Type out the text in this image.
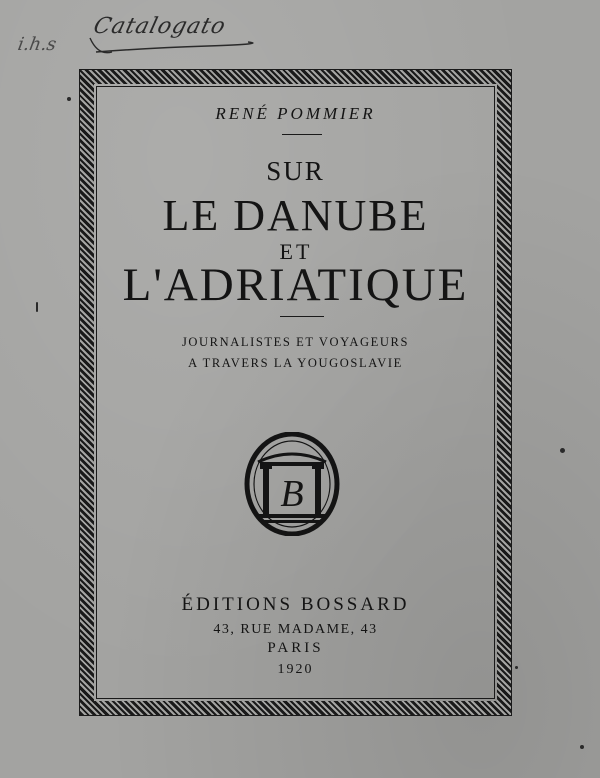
Catalogato
i.h.s
RENÉ POMMIER
SUR
LE DANUBE
ET
L'ADRIATIQUE
JOURNALISTES ET VOYAGEURS
A TRAVERS LA YOUGOSLAVIE
B
ÉDITIONS BOSSARD
43, RUE MADAME, 43
PARIS
1920
